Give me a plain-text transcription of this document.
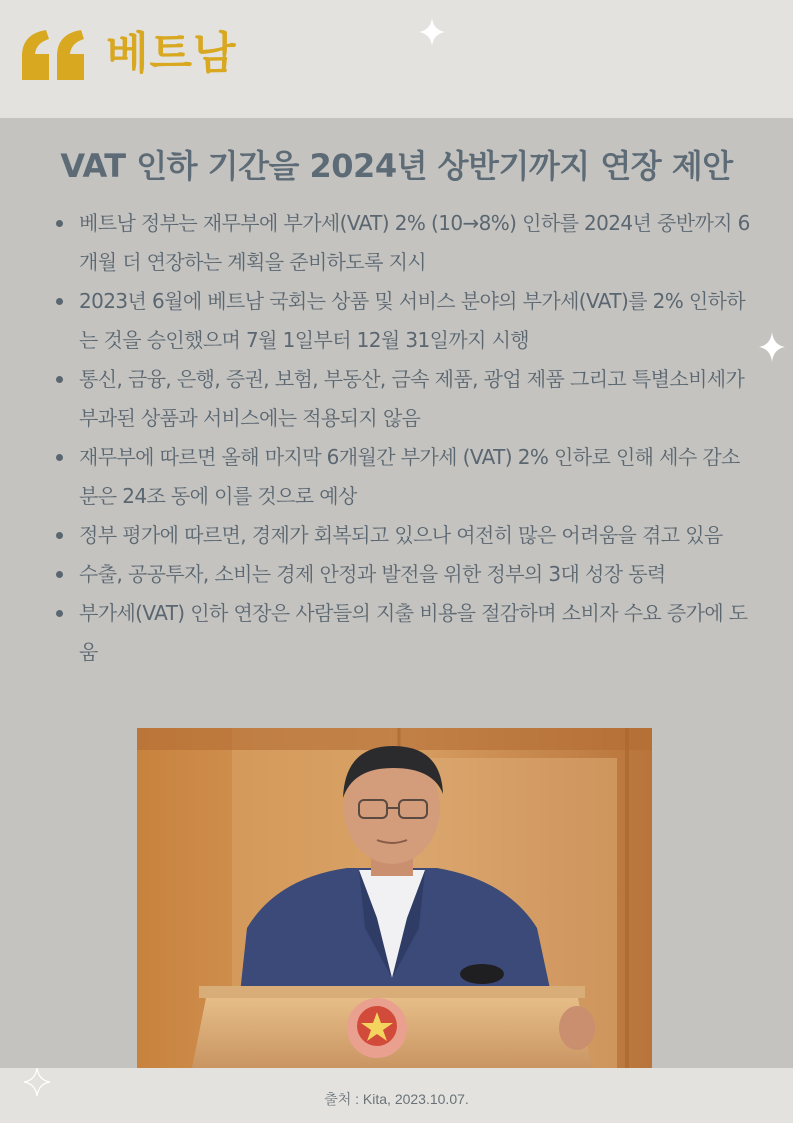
베트남
VAT 인하 기간을 2024년 상반기까지 연장 제안
베트남 정부는 재무부에 부가세(VAT) 2% (10→8%) 인하를 2024년 중반까지 6개월 더 연장하는 계획을 준비하도록 지시
2023년 6월에 베트남 국회는 상품 및 서비스 분야의 부가세(VAT)를 2% 인하하는 것을 승인했으며 7월 1일부터 12월 31일까지 시행
통신, 금융, 은행, 증권, 보험, 부동산, 금속 제품, 광업 제품 그리고 특별소비세가 부과된 상품과 서비스에는 적용되지 않음
재무부에 따르면 올해 마지막 6개월간 부가세 (VAT) 2% 인하로 인해 세수 감소분은 24조 동에 이를 것으로 예상
정부 평가에 따르면, 경제가 회복되고 있으나 여전히 많은 어려움을 겪고 있음
수출, 공공투자, 소비는 경제 안정과 발전을 위한 정부의 3대 성장 동력
부가세(VAT) 인하 연장은 사람들의 지출 비용을 절감하며 소비자 수요 증가에 도움
출처 : Kita, 2023.10.07.
